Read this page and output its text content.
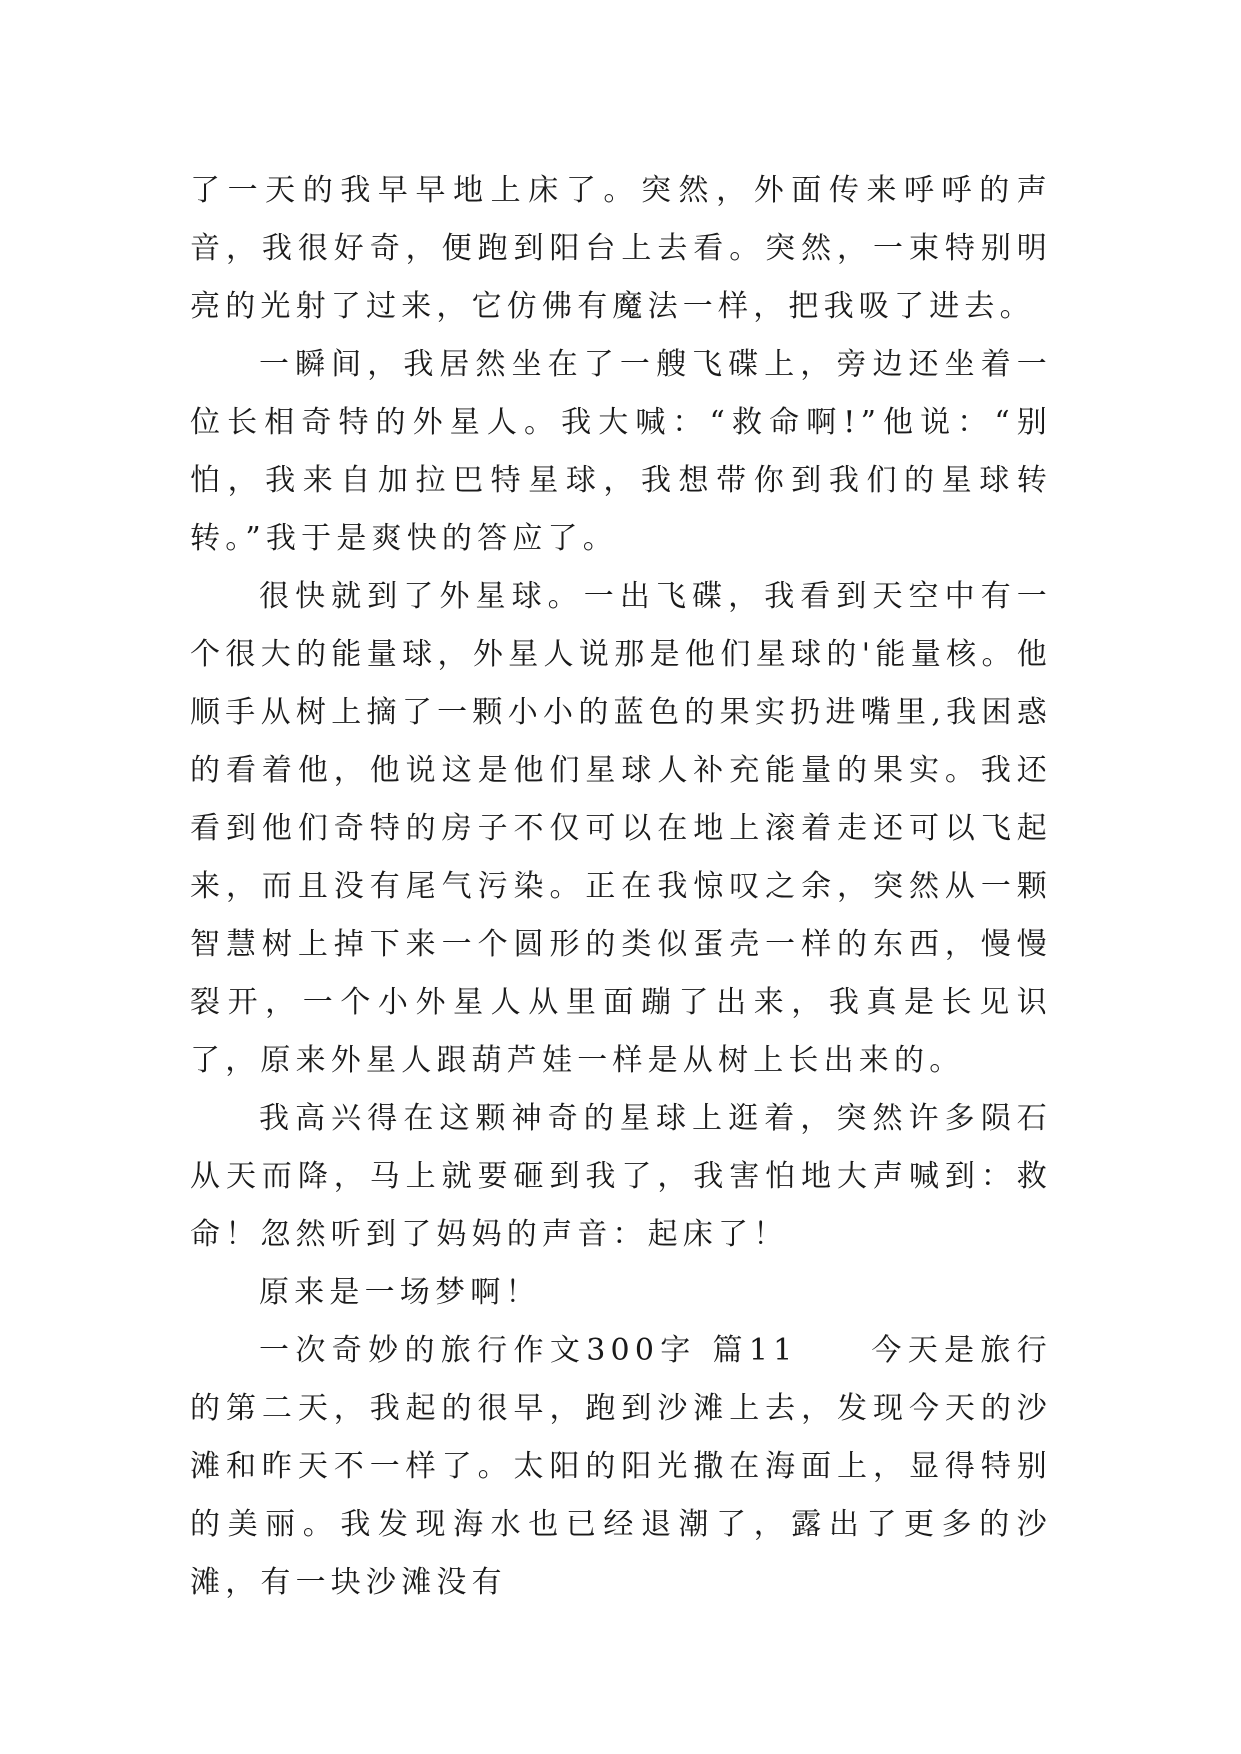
了一天的我早早地上床了。突然，外面传来呼呼的声音，我很好奇，便跑到阳台上去看。突然，一束特别明亮的光射了过来，它仿佛有魔法一样，把我吸了进去。

一瞬间，我居然坐在了一艘飞碟上，旁边还坐着一位长相奇特的外星人。我大喊：“救命啊!”他说：“别怕，我来自加拉巴特星球，我想带你到我们的星球转转。”我于是爽快的答应了。

很快就到了外星球。一出飞碟，我看到天空中有一个很大的能量球，外星人说那是他们星球的'能量核。他顺手从树上摘了一颗小小的蓝色的果实扔进嘴里,我困惑的看着他，他说这是他们星球人补充能量的果实。我还看到他们奇特的房子不仅可以在地上滚着走还可以飞起来，而且没有尾气污染。正在我惊叹之余，突然从一颗智慧树上掉下来一个圆形的类似蛋壳一样的东西，慢慢裂开，一个小外星人从里面蹦了出来，我真是长见识了，原来外星人跟葫芦娃一样是从树上长出来的。

我高兴得在这颗神奇的星球上逛着，突然许多陨石从天而降，马上就要砸到我了，我害怕地大声喊到：救命！忽然听到了妈妈的声音：起床了！

原来是一场梦啊！

一次奇妙的旅行作文300字 篇11　　今天是旅行的第二天，我起的很早，跑到沙滩上去，发现今天的沙滩和昨天不一样了。太阳的阳光撒在海面上，显得特别的美丽。我发现海水也已经退潮了，露出了更多的沙滩，有一块沙滩没有
